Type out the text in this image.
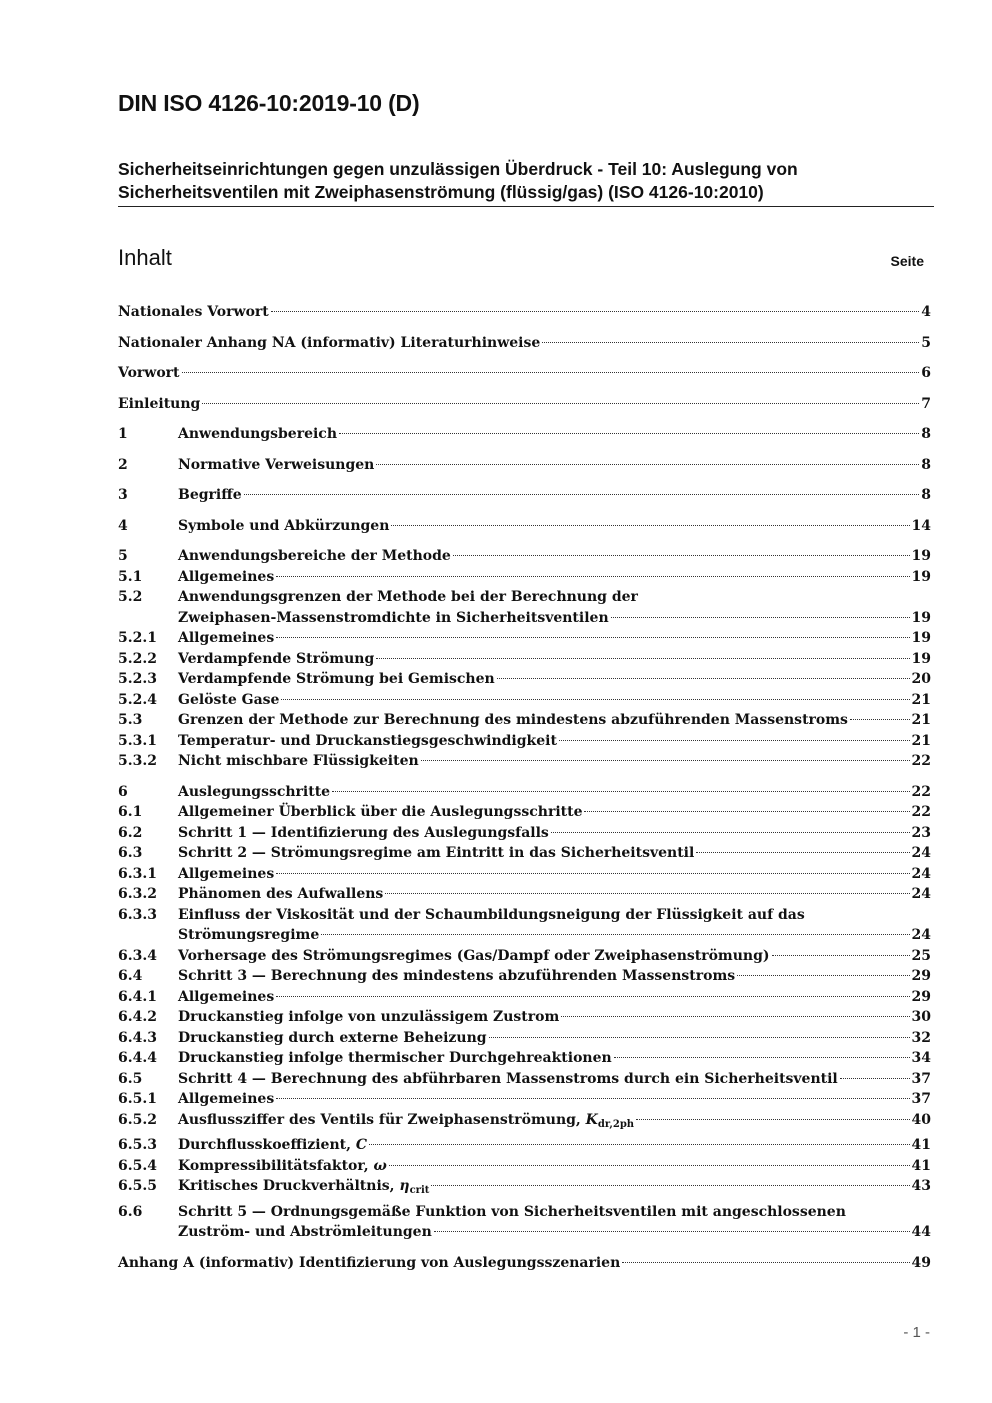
DIN ISO 4126-10:2019-10 (D)
Sicherheitseinrichtungen gegen unzulässigen Überdruck - Teil 10: Auslegung von Sicherheitsventilen mit Zweiphasenströmung (flüssig/gas) (ISO 4126-10:2010)
Inhalt	Seite
Nationales Vorwort	4
Nationaler Anhang NA (informativ) Literaturhinweise	5
Vorwort	6
Einleitung	7
1	Anwendungsbereich	8
2	Normative Verweisungen	8
3	Begriffe	8
4	Symbole und Abkürzungen	14
5	Anwendungsbereiche der Methode	19
5.1	Allgemeines	19
5.2	Anwendungsgrenzen der Methode bei der Berechnung der
Zweiphasen-Massenstromdichte in Sicherheitsventilen	19
5.2.1	Allgemeines	19
5.2.2	Verdampfende Strömung	19
5.2.3	Verdampfende Strömung bei Gemischen	20
5.2.4	Gelöste Gase	21
5.3	Grenzen der Methode zur Berechnung des mindestens abzuführenden Massenstroms	21
5.3.1	Temperatur- und Druckanstiegsgeschwindigkeit	21
5.3.2	Nicht mischbare Flüssigkeiten	22
6	Auslegungsschritte	22
6.1	Allgemeiner Überblick über die Auslegungsschritte	22
6.2	Schritt 1 — Identifizierung des Auslegungsfalls	23
6.3	Schritt 2 — Strömungsregime am Eintritt in das Sicherheitsventil	24
6.3.1	Allgemeines	24
6.3.2	Phänomen des Aufwallens	24
6.3.3	Einfluss der Viskosität und der Schaumbildungsneigung der Flüssigkeit auf das
Strömungsregime	24
6.3.4	Vorhersage des Strömungsregimes (Gas/Dampf oder Zweiphasenströmung)	25
6.4	Schritt 3 — Berechnung des mindestens abzuführenden Massenstroms	29
6.4.1	Allgemeines	29
6.4.2	Druckanstieg infolge von unzulässigem Zustrom	30
6.4.3	Druckanstieg durch externe Beheizung	32
6.4.4	Druckanstieg infolge thermischer Durchgehreaktionen	34
6.5	Schritt 4 — Berechnung des abführbaren Massenstroms durch ein Sicherheitsventil	37
6.5.1	Allgemeines	37
6.5.2	Ausflussziffer des Ventils für Zweiphasenströmung, $K_{dr,2ph}$	40
6.5.3	Durchflusskoeffizient, C	41
6.5.4	Kompressibilitätsfaktor, ω	41
6.5.5	Kritisches Druckverhältnis, $\eta_{crit}$	43
6.6	Schritt 5 — Ordnungsgemäße Funktion von Sicherheitsventilen mit angeschlossenen
Zuström- und Abströmleitungen	44
Anhang A (informativ) Identifizierung von Auslegungsszenarien	49
- 1 -
